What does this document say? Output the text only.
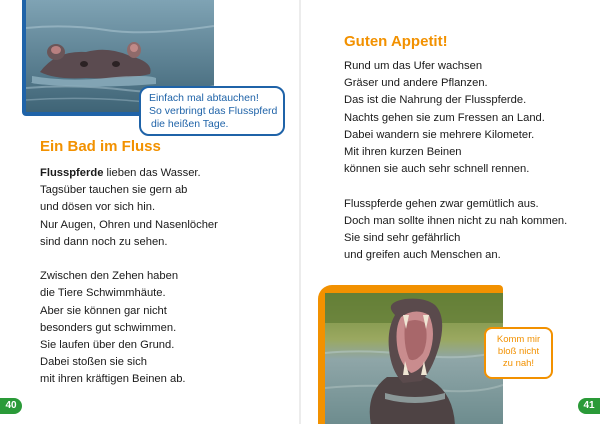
Einfach mal abtauchen!
So verbringt das Flusspferd
die heißen Tage.
Ein Bad im Fluss
Flusspferde lieben das Wasser.
Tagsüber tauchen sie gern ab
und dösen vor sich hin.
Nur Augen, Ohren und Nasenlöcher
sind dann noch zu sehen.
Zwischen den Zehen haben
die Tiere Schwimmhäute.
Aber sie können gar nicht
besonders gut schwimmen.
Sie laufen über den Grund.
Dabei stoßen sie sich
mit ihren kräftigen Beinen ab.
40
Guten Appetit!
Rund um das Ufer wachsen
Gräser und andere Pflanzen.
Das ist die Nahrung der Flusspferde.
Nachts gehen sie zum Fressen an Land.
Dabei wandern sie mehrere Kilometer.
Mit ihren kurzen Beinen
können sie auch sehr schnell rennen.
Flusspferde gehen zwar gemütlich aus.
Doch man sollte ihnen nicht zu nah kommen.
Sie sind sehr gefährlich
und greifen auch Menschen an.
Komm mir
bloß nicht
zu nah!
41
